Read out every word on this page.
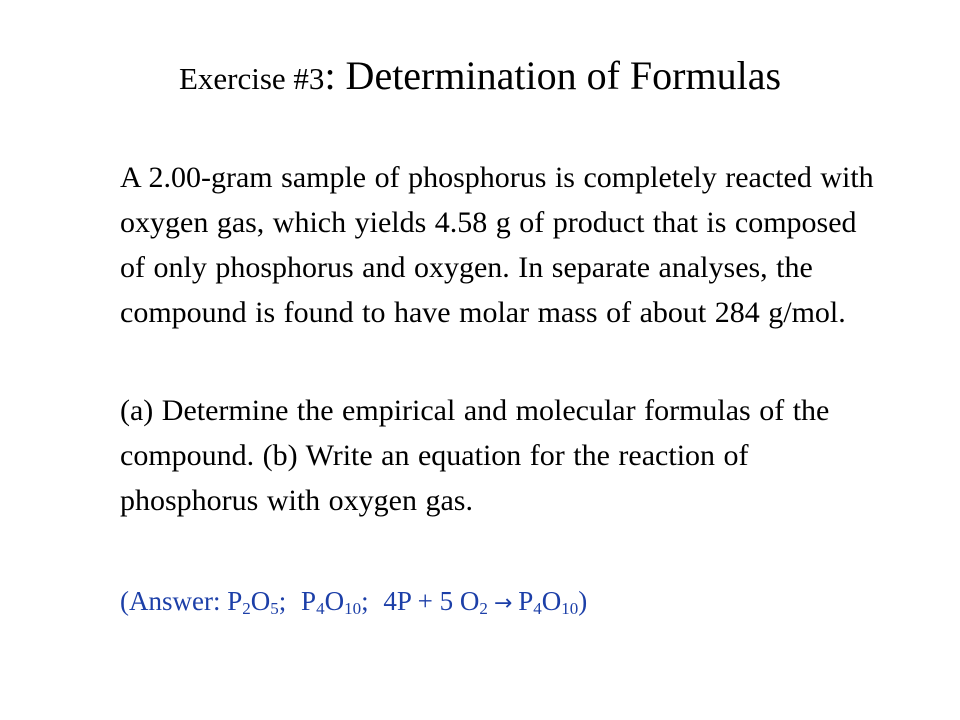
Exercise #3: Determination of Formulas

A 2.00-gram sample of phosphorus is completely reacted with oxygen gas, which yields 4.58 g of product that is composed of only phosphorus and oxygen. In separate analyses, the compound is found to have molar mass of about 284 g/mol.

(a) Determine the empirical and molecular formulas of the compound. (b) Write an equation for the reaction of phosphorus with oxygen gas.

(Answer: $P_2O_5$; $P_4O_{10}$; 4P + 5 $O_2 \to P_4O_{10}$)
